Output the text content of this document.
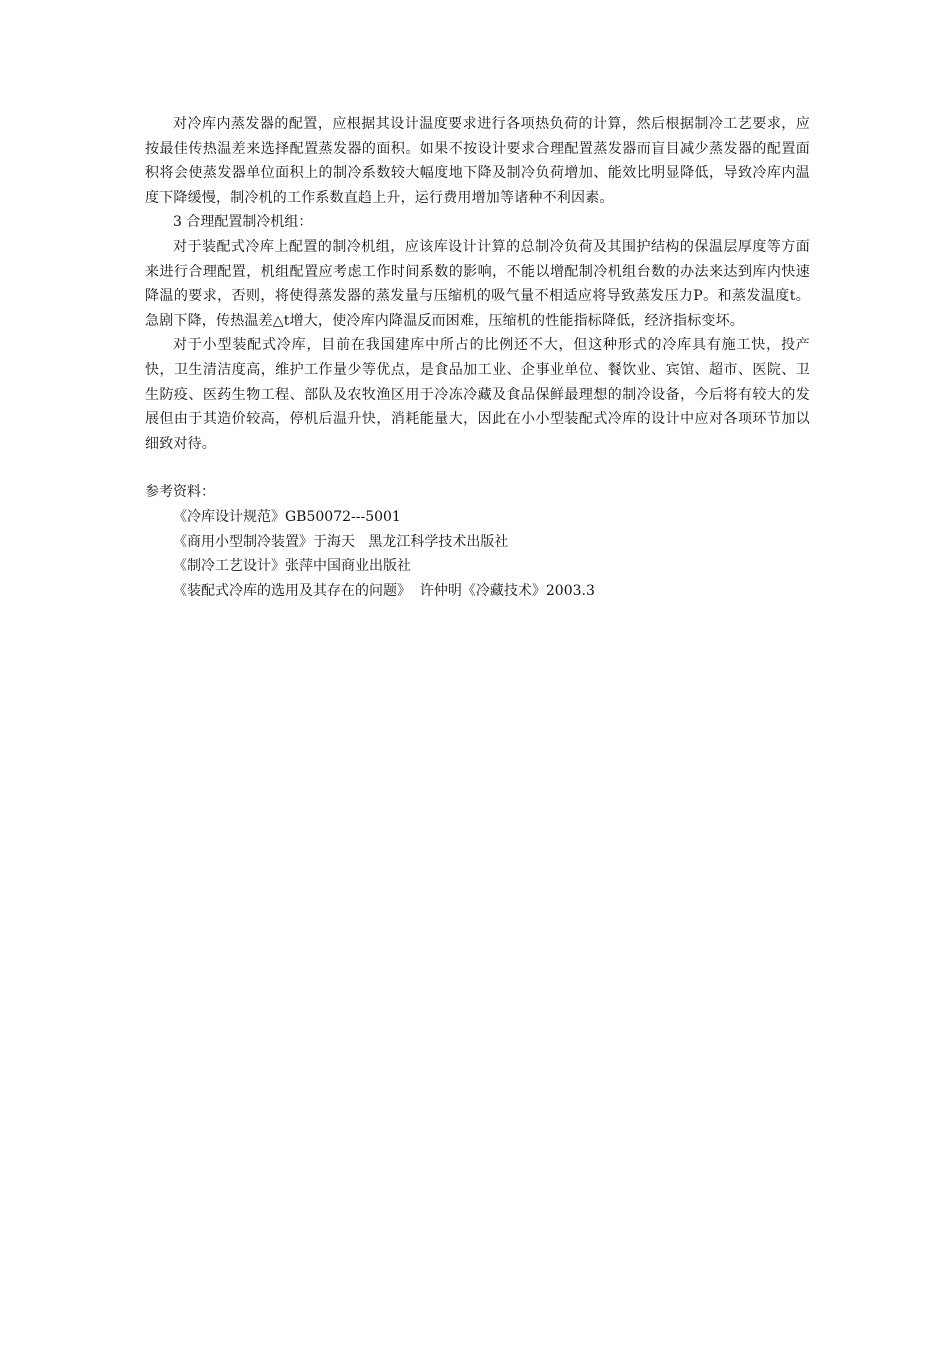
对冷库内蒸发器的配置，应根据其设计温度要求进行各项热负荷的计算，然后根据制冷工艺要求，应按最佳传热温差来选择配置蒸发器的面积。如果不按设计要求合理配置蒸发器而盲目减少蒸发器的配置面积将会使蒸发器单位面积上的制冷系数较大幅度地下降及制冷负荷增加、能效比明显降低，导致冷库内温度下降缓慢，制冷机的工作系数直趋上升，运行费用增加等诸种不利因素。

3 合理配置制冷机组：

对于装配式冷库上配置的制冷机组，应该库设计计算的总制冷负荷及其围护结构的保温层厚度等方面来进行合理配置，机组配置应考虑工作时间系数的影响，不能以增配制冷机组台数的办法来达到库内快速降温的要求，否则，将使得蒸发器的蒸发量与压缩机的吸气量不相适应将导致蒸发压力P。和蒸发温度t。急剧下降，传热温差△t增大，使冷库内降温反而困难，压缩机的性能指标降低，经济指标变坏。

对于小型装配式冷库，目前在我国建库中所占的比例还不大，但这种形式的冷库具有施工快，投产快，卫生清洁度高，维护工作量少等优点，是食品加工业、企事业单位、餐饮业、宾馆、超市、医院、卫生防疫、医药生物工程、部队及农牧渔区用于冷冻冷藏及食品保鲜最理想的制冷设备，今后将有较大的发展但由于其造价较高，停机后温升快，消耗能量大，因此在小小型装配式冷库的设计中应对各项环节加以细致对待。

参考资料：

《冷库设计规范》GB50072---5001

《商用小型制冷装置》于海天   黑龙江科学技术出版社

《制冷工艺设计》张萍中国商业出版社

《装配式冷库的选用及其存在的问题》  许仲明《冷藏技术》2003.3
